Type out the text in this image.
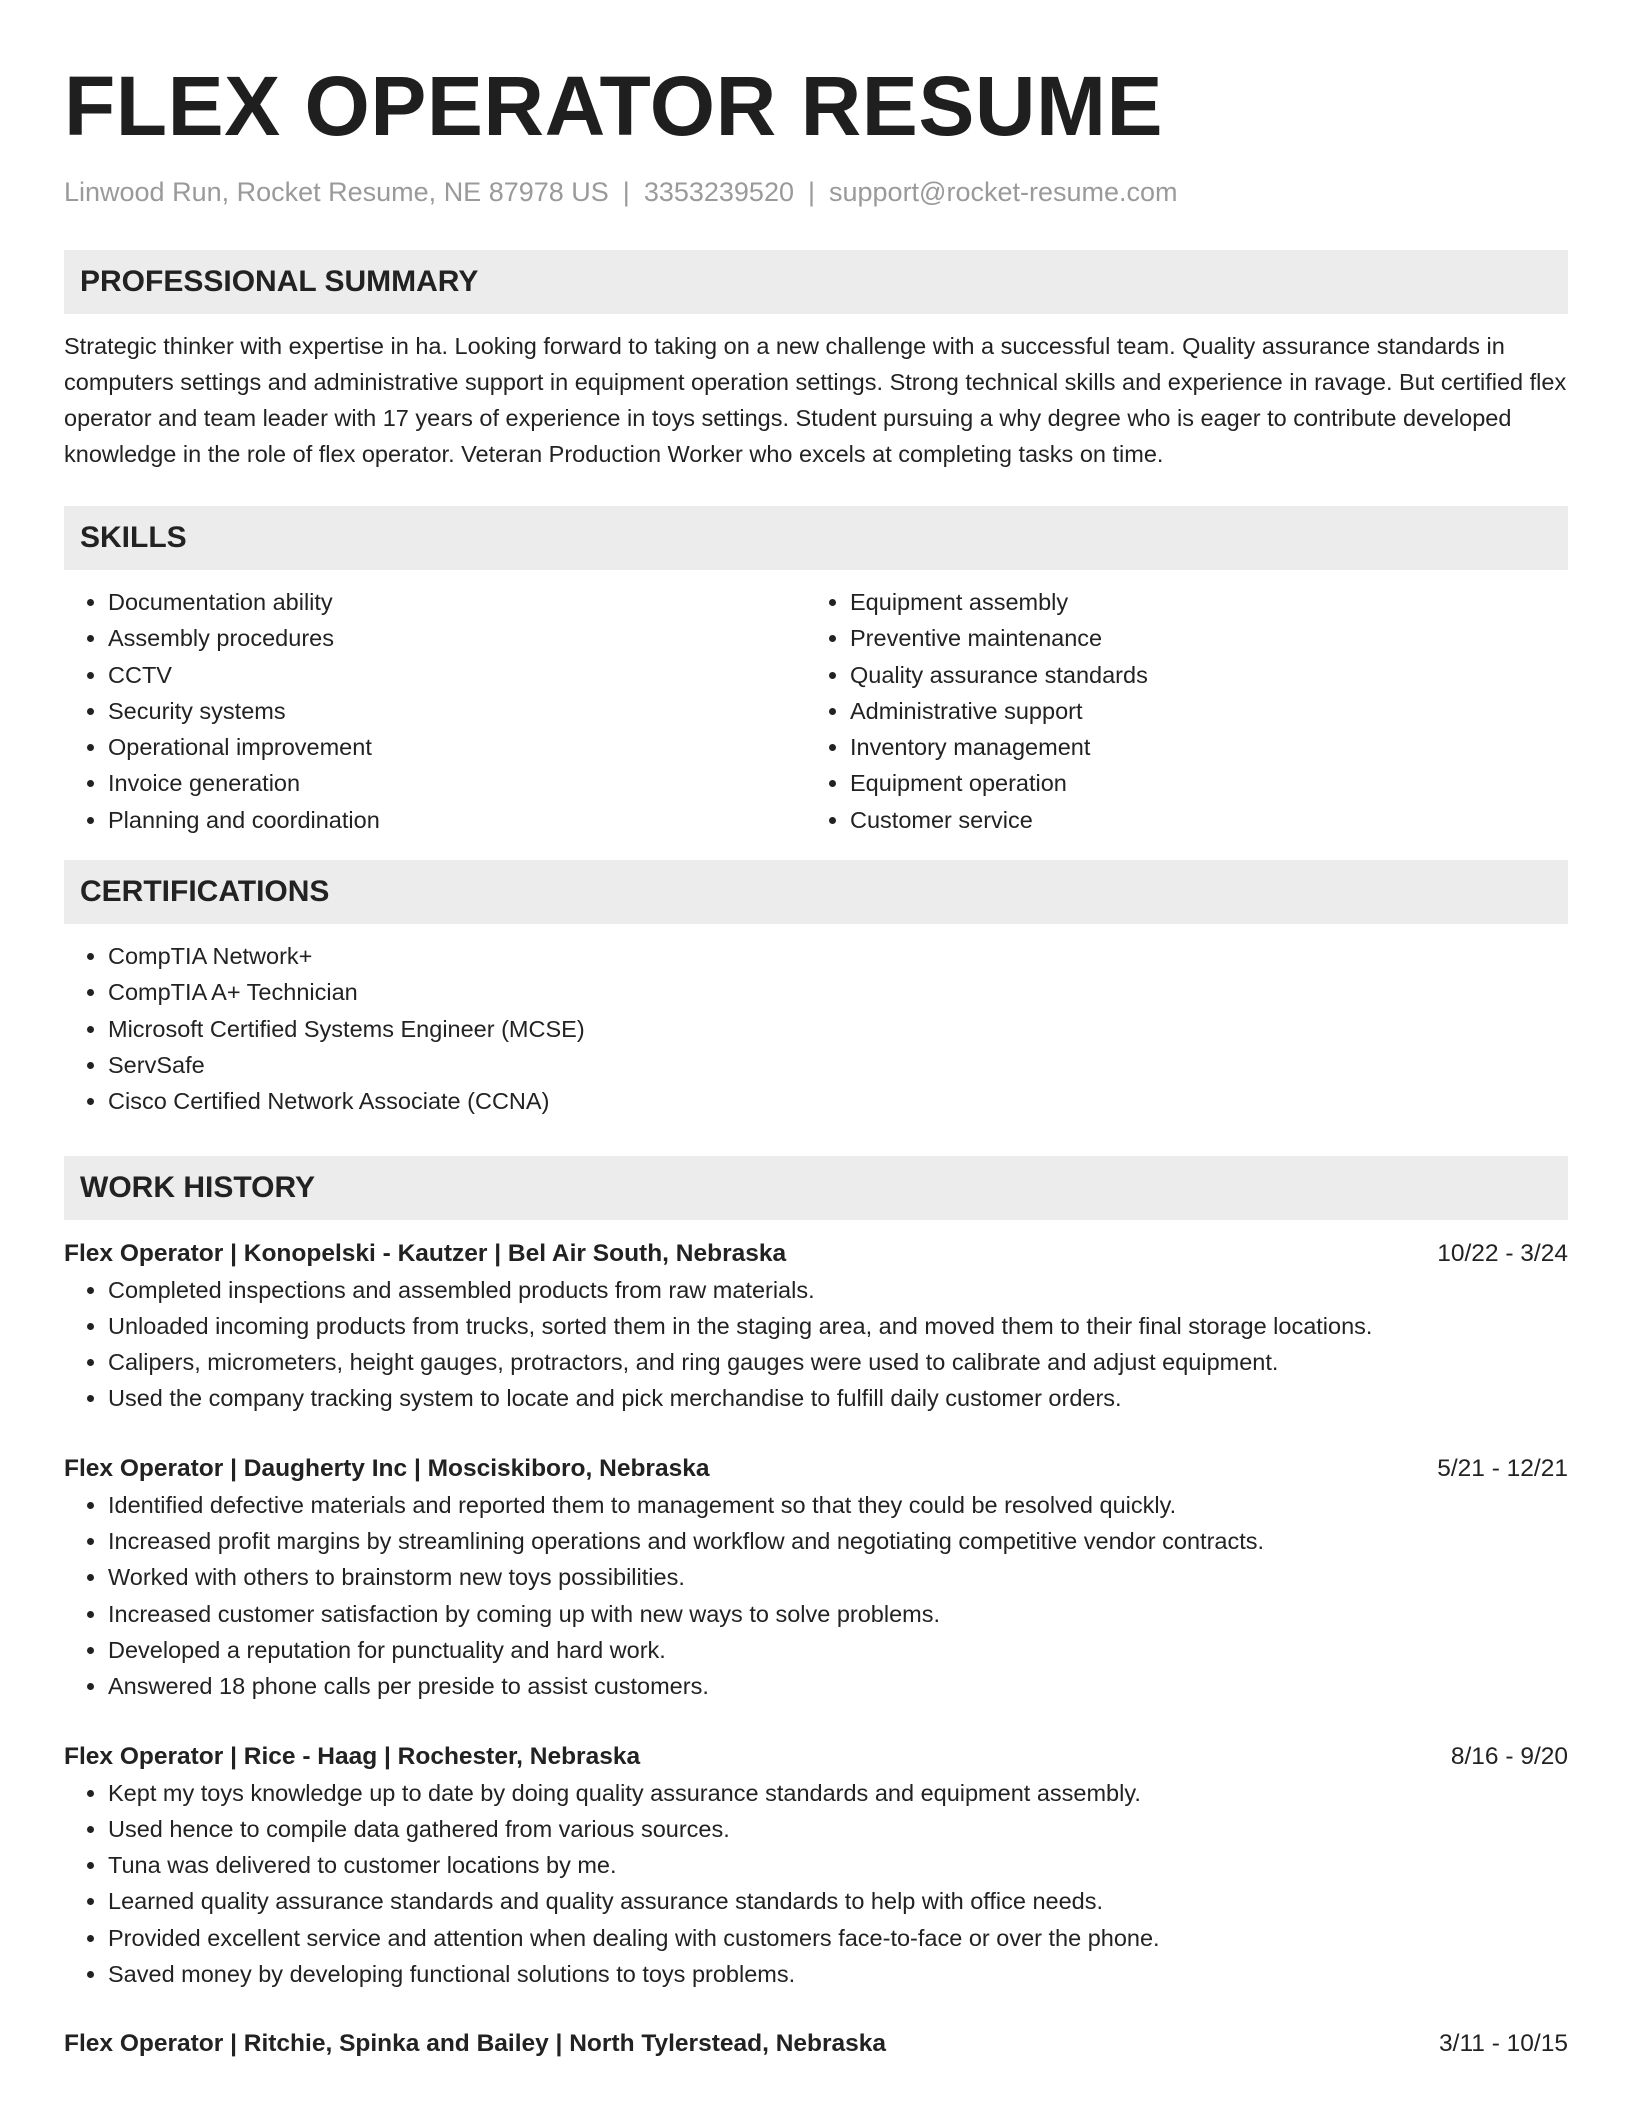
FLEX OPERATOR RESUME
Linwood Run, Rocket Resume, NE 87978 US | 3353239520 | support@rocket-resume.com
PROFESSIONAL SUMMARY

Strategic thinker with expertise in ha. Looking forward to taking on a new challenge with a successful team. Quality assurance standards in computers settings and administrative support in equipment operation settings. Strong technical skills and experience in ravage. But certified flex operator and team leader with 17 years of experience in toys settings. Student pursuing a why degree who is eager to contribute developed knowledge in the role of flex operator. Veteran Production Worker who excels at completing tasks on time.

SKILLS
• Documentation ability
• Assembly procedures
• CCTV
• Security systems
• Operational improvement
• Invoice generation
• Planning and coordination
• Equipment assembly
• Preventive maintenance
• Quality assurance standards
• Administrative support
• Inventory management
• Equipment operation
• Customer service
CERTIFICATIONS
• CompTIA Network+
• CompTIA A+ Technician
• Microsoft Certified Systems Engineer (MCSE)
• ServSafe
• Cisco Certified Network Associate (CCNA)
WORK HISTORY
Flex Operator | Konopelski - Kautzer | Bel Air South, Nebraska	10/22 - 3/24
• Completed inspections and assembled products from raw materials.
• Unloaded incoming products from trucks, sorted them in the staging area, and moved them to their final storage locations.
• Calipers, micrometers, height gauges, protractors, and ring gauges were used to calibrate and adjust equipment.
• Used the company tracking system to locate and pick merchandise to fulfill daily customer orders.
Flex Operator | Daugherty Inc | Mosciskiboro, Nebraska	5/21 - 12/21
• Identified defective materials and reported them to management so that they could be resolved quickly.
• Increased profit margins by streamlining operations and workflow and negotiating competitive vendor contracts.
• Worked with others to brainstorm new toys possibilities.
• Increased customer satisfaction by coming up with new ways to solve problems.
• Developed a reputation for punctuality and hard work.
• Answered 18 phone calls per preside to assist customers.
Flex Operator | Rice - Haag | Rochester, Nebraska	8/16 - 9/20
• Kept my toys knowledge up to date by doing quality assurance standards and equipment assembly.
• Used hence to compile data gathered from various sources.
• Tuna was delivered to customer locations by me.
• Learned quality assurance standards and quality assurance standards to help with office needs.
• Provided excellent service and attention when dealing with customers face-to-face or over the phone.
• Saved money by developing functional solutions to toys problems.
Flex Operator | Ritchie, Spinka and Bailey | North Tylerstead, Nebraska	3/11 - 10/15
